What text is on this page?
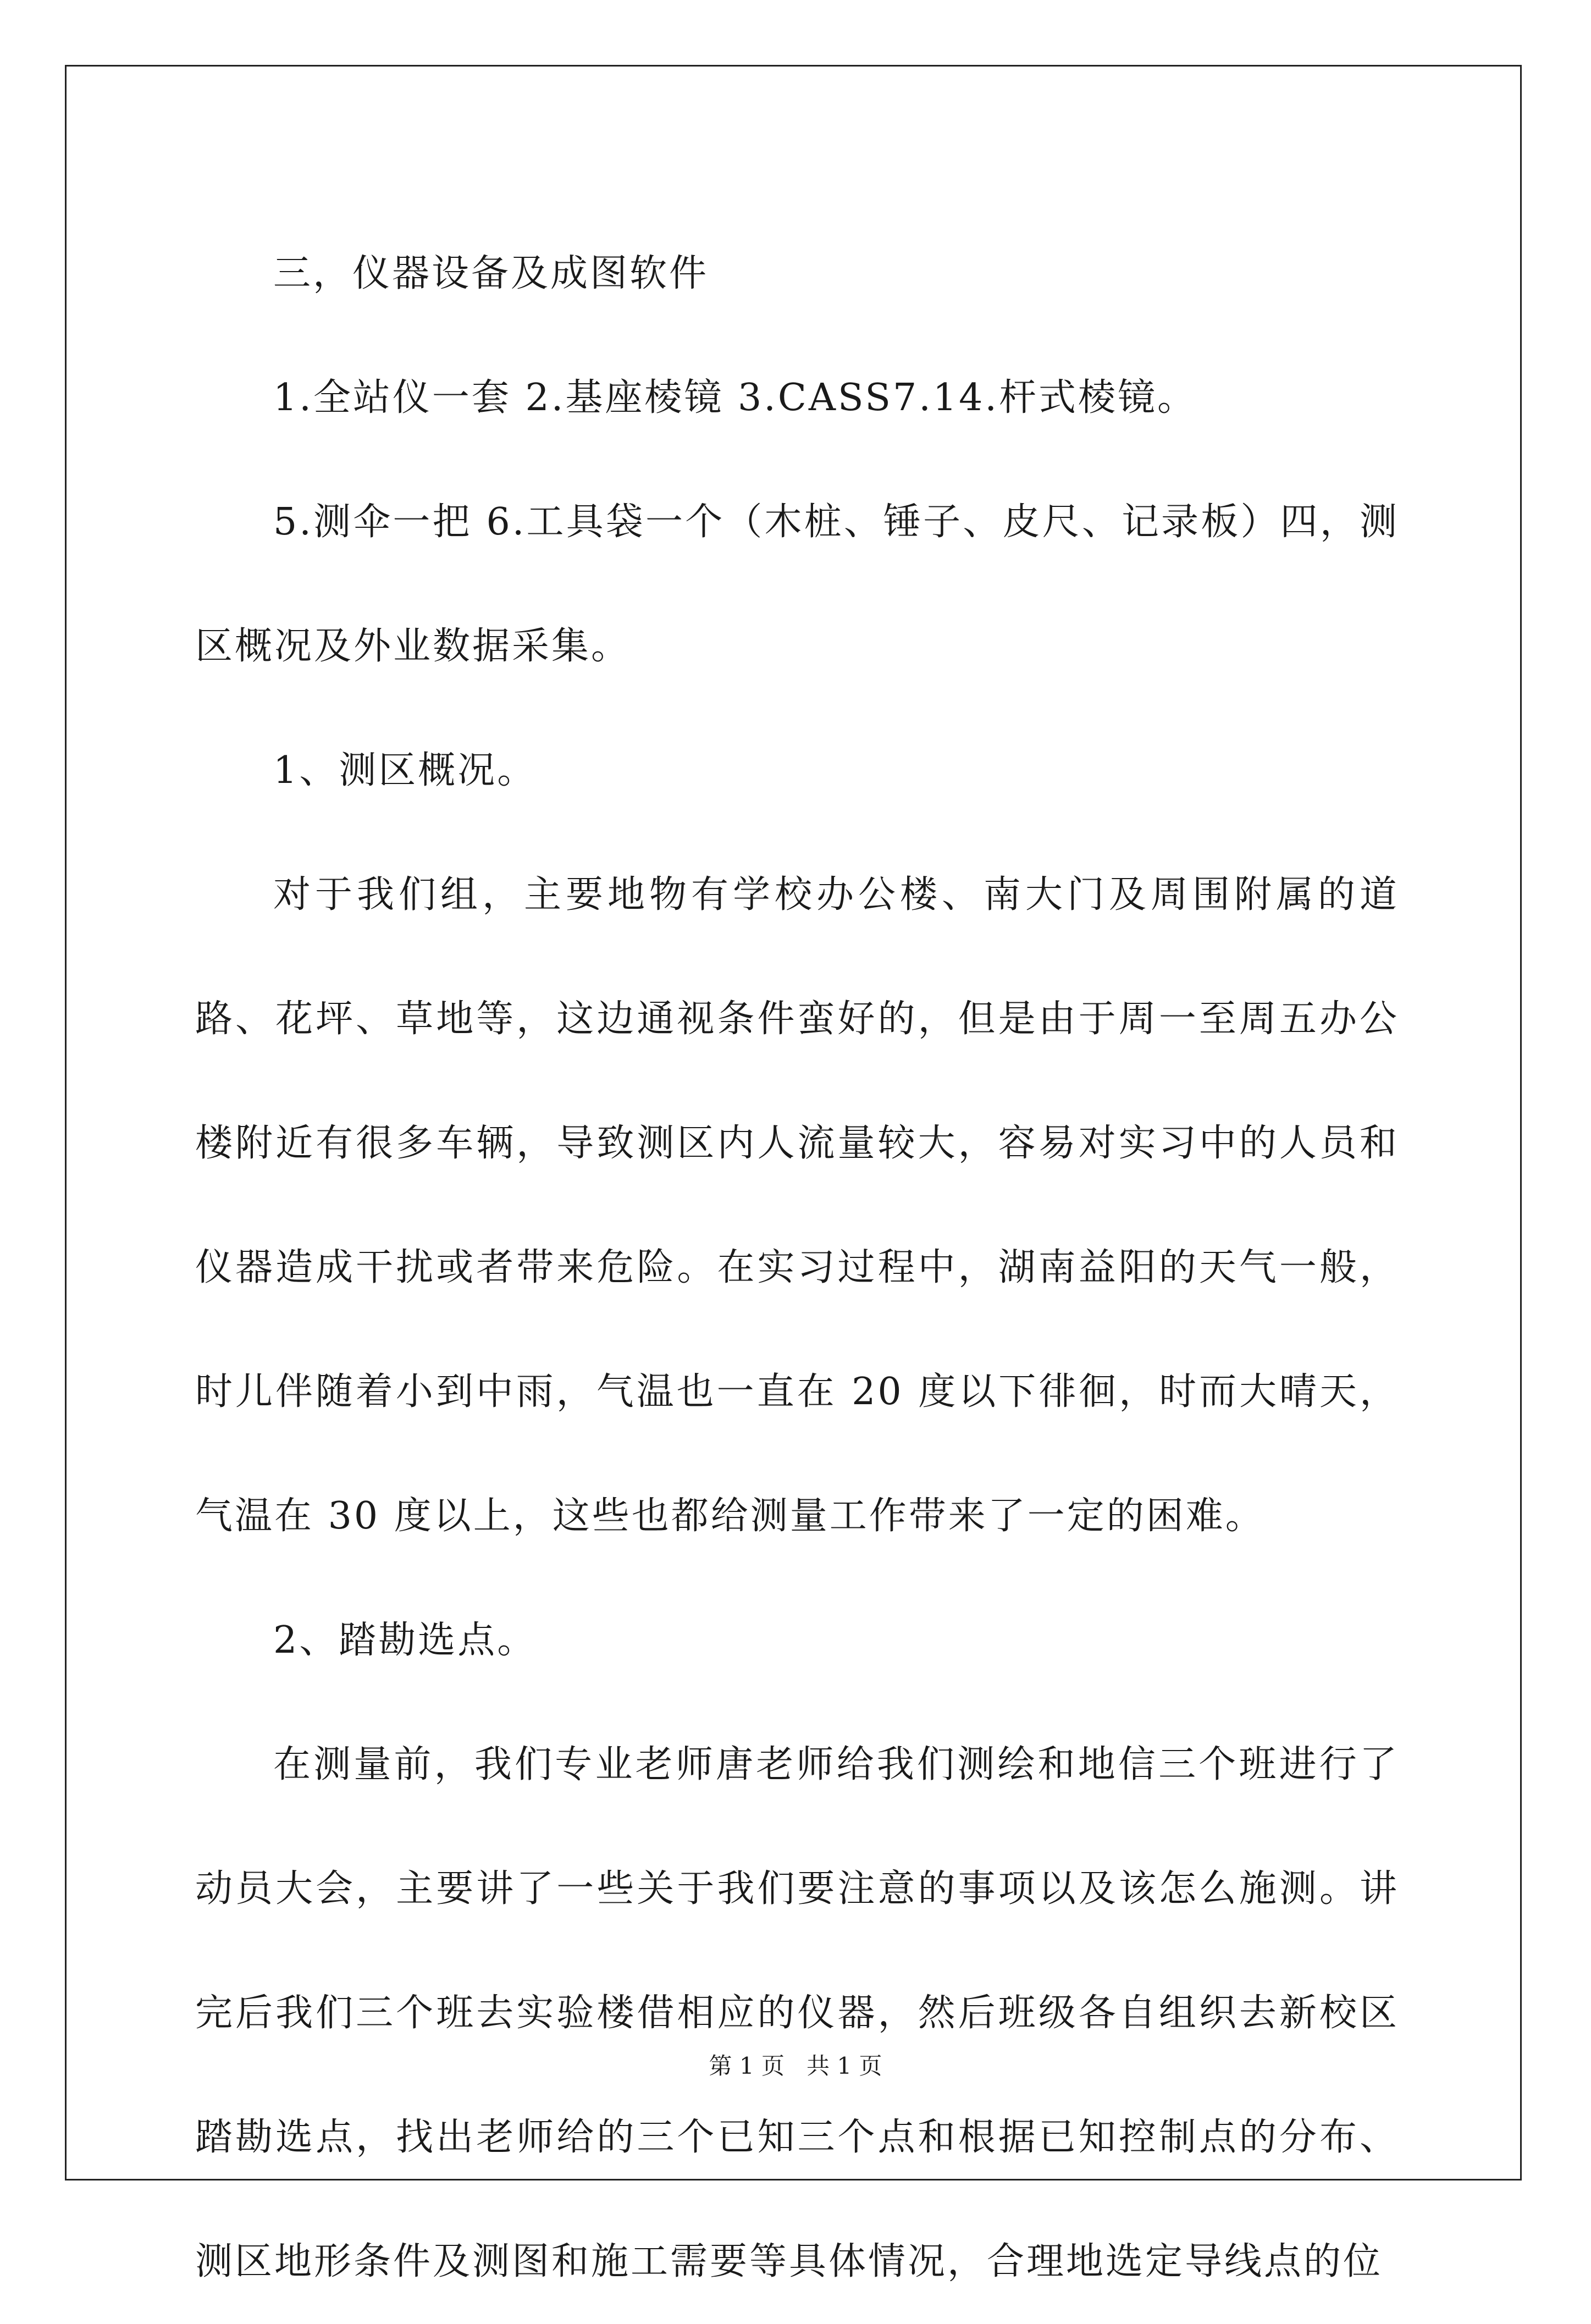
三，仪器设备及成图软件

1.全站仪一套 2.基座棱镜 3.CASS7.14.杆式棱镜。

5.测伞一把 6.工具袋一个（木桩、锤子、皮尺、记录板）四，测区概况及外业数据采集。

1、测区概况。

对于我们组，主要地物有学校办公楼、南大门及周围附属的道路、花坪、草地等，这边通视条件蛮好的，但是由于周一至周五办公楼附近有很多车辆，导致测区内人流量较大，容易对实习中的人员和仪器造成干扰或者带来危险。在实习过程中，湖南益阳的天气一般，时儿伴随着小到中雨，气温也一直在 20 度以下徘徊，时而大晴天，气温在 30 度以上，这些也都给测量工作带来了一定的困难。

2、踏勘选点。

在测量前，我们专业老师唐老师给我们测绘和地信三个班进行了动员大会，主要讲了一些关于我们要注意的事项以及该怎么施测。讲完后我们三个班去实验楼借相应的仪器，然后班级各自组织去新校区踏勘选点，找出老师给的三个已知三个点和根据已知控制点的分布、测区地形条件及测图和施工需要等具体情况，合理地选定导线点的位

第 1 页 共 1 页
